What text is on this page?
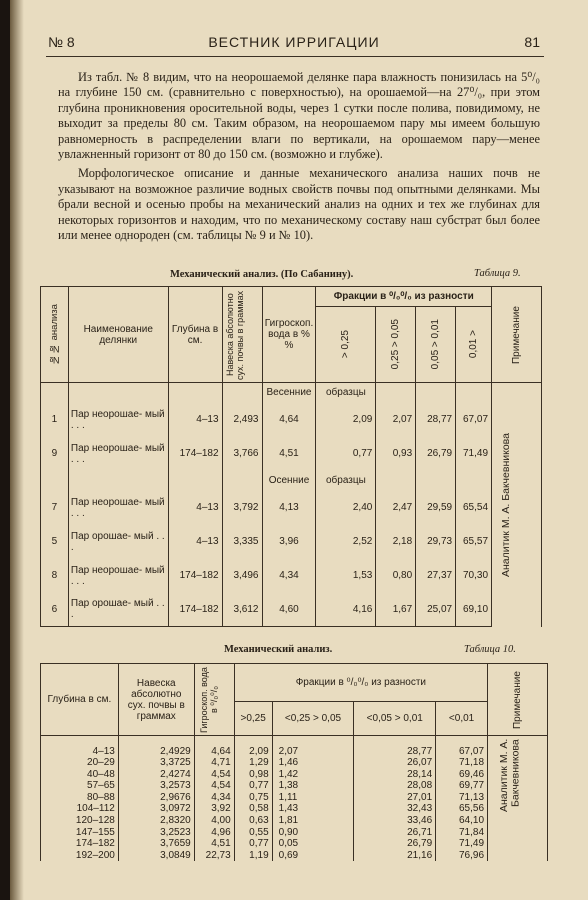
№ 8	ВЕСТНИК ИРРИГАЦИИ	81

Из табл. № 8 видим, что на неорошаемой делянке пара влажность понизилась на 5⁰/₀ на глубине 150 см. (сравнительно с поверхностью), на орошаемой—на 27⁰/₀, при этом глубина проникновения оросительной воды, через 1 сутки после полива, повидимому, не выходит за пределы 80 см. Таким образом, на неорошаемом пару мы имеем большую равномерность в распределении влаги по вертикали, на орошаемом пару—менее увлажненный горизонт от 80 до 150 см. (возможно и глубже).

Морфологическое описание и данные механического анализа наших почв не указывают на возможное различие водных свойств почвы под опытными делянками. Мы брали весной и осенью пробы на механический анализ на одних и тех же глубинах для некоторых горизонтов и находим, что по механическому составу наш субстрат был более или менее однороден (см. таблицы № 9 и № 10).

Механический анализ. (По Сабанину).	Таблица 9.
№№ анализа	Наименование делянки	Глубина в см.	Навеска абсолютно сух. почвы в граммах	Гигроскоп. вода в % %	Фракции в ⁰/₀⁰/₀ из разности				Примечание

					> 0,25	0,25 > 0,05	0,05 > 0,01	0,01 >	

				Весенние	образцы				Аналитик М. А. Бакчевникова

1	Пар неорошае- мый . . .	4–13	2,493	4,64	2,09	2,07	28,77	67,07	
9	Пар неорошае- мый . . .	174–182	3,766	4,51	0,77	0,93	26,79	71,49	
				Осенние	образцы				
7	Пар неорошае- мый . . .	4–13	3,792	4,13	2,40	2,47	29,59	65,54	
5	Пар орошае- мый . . .	4–13	3,335	3,96	2,52	2,18	29,73	65,57	
8	Пар неорошае- мый . . .	174–182	3,496	4,34	1,53	0,80	27,37	70,30	
6	Пар орошае- мый . . .	174–182	3,612	4,60	4,16	1,67	25,07	69,10	
Механический анализ.	Таблица 10.
Глубина в см.	Навеска абсолютно сух. почвы в граммах	Гигроскоп. вода в ⁰/₀⁰/₀	Фракции в ⁰/₀⁰/₀ из разности				Примечание

			>0,25	<0,25 > 0,05	<0,05 > 0,01	<0,01	

							Аналитик М. А. Бакчевникова

4–13	2,4929	4,64	2,09	2,07	28,77	67,07	
20–29	3,3725	4,71	1,29	1,46	26,07	71,18	
40–48	2,4274	4,54	0,98	1,42	28,14	69,46	
57–65	3,2573	4,54	0,77	1,38	28,08	69,77	
80–88	2,9676	4,34	0,75	1,11	27,01	71,13	
104–112	3,0972	3,92	0,58	1,43	32,43	65,56	
120–128	2,8320	4,00	0,63	1,81	33,46	64,10	
147–155	3,2523	4,96	0,55	0,90	26,71	71,84	
174–182	3,7659	4,51	0,77	0,05	26,79	71,49	
192–200	3,0849	22,73	1,19	0,69	21,16	76,96	
